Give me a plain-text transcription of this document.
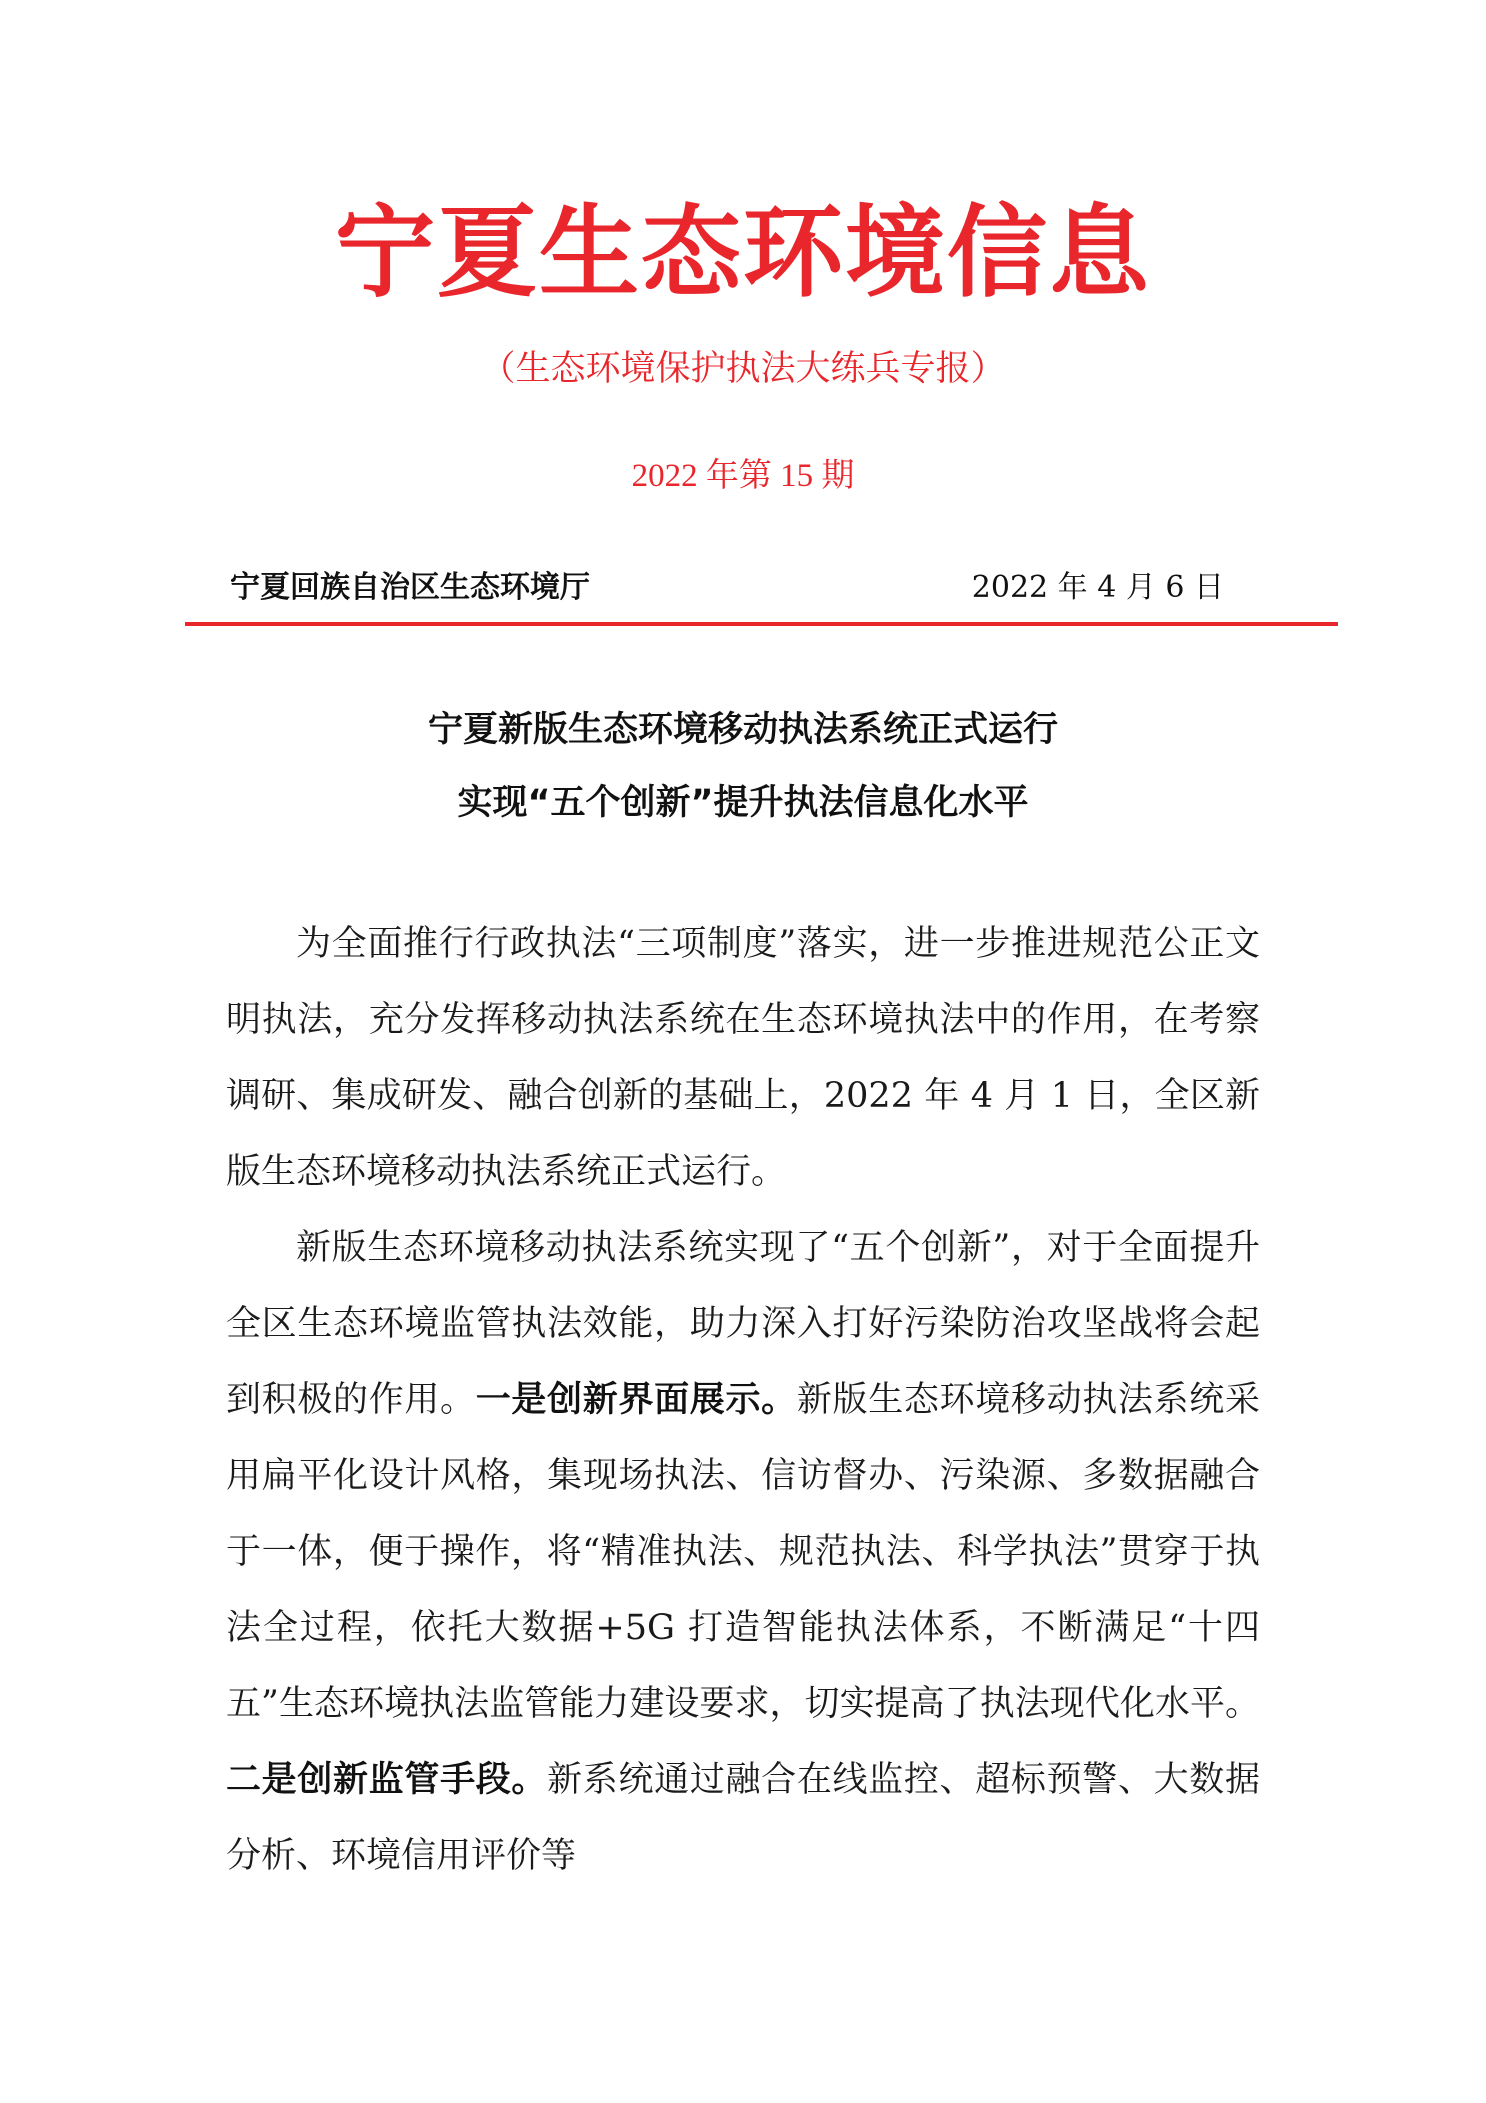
宁夏生态环境信息
（生态环境保护执法大练兵专报）
2022 年第 15 期
宁夏回族自治区生态环境厅	2022 年 4 月 6 日
宁夏新版生态环境移动执法系统正式运行
实现“五个创新”提升执法信息化水平

为全面推行行政执法“三项制度”落实，进一步推进规范公正文明执法，充分发挥移动执法系统在生态环境执法中的作用，在考察调研、集成研发、融合创新的基础上，2022 年 4 月 1 日，全区新版生态环境移动执法系统正式运行。

新版生态环境移动执法系统实现了“五个创新”，对于全面提升全区生态环境监管执法效能，助力深入打好污染防治攻坚战将会起到积极的作用。一是创新界面展示。新版生态环境移动执法系统采用扁平化设计风格，集现场执法、信访督办、污染源、多数据融合于一体，便于操作，将“精准执法、规范执法、科学执法”贯穿于执法全过程，依托大数据+5G 打造智能执法体系，不断满足“十四五”生态环境执法监管能力建设要求，切实提高了执法现代化水平。二是创新监管手段。新系统通过融合在线监控、超标预警、大数据分析、环境信用评价等
